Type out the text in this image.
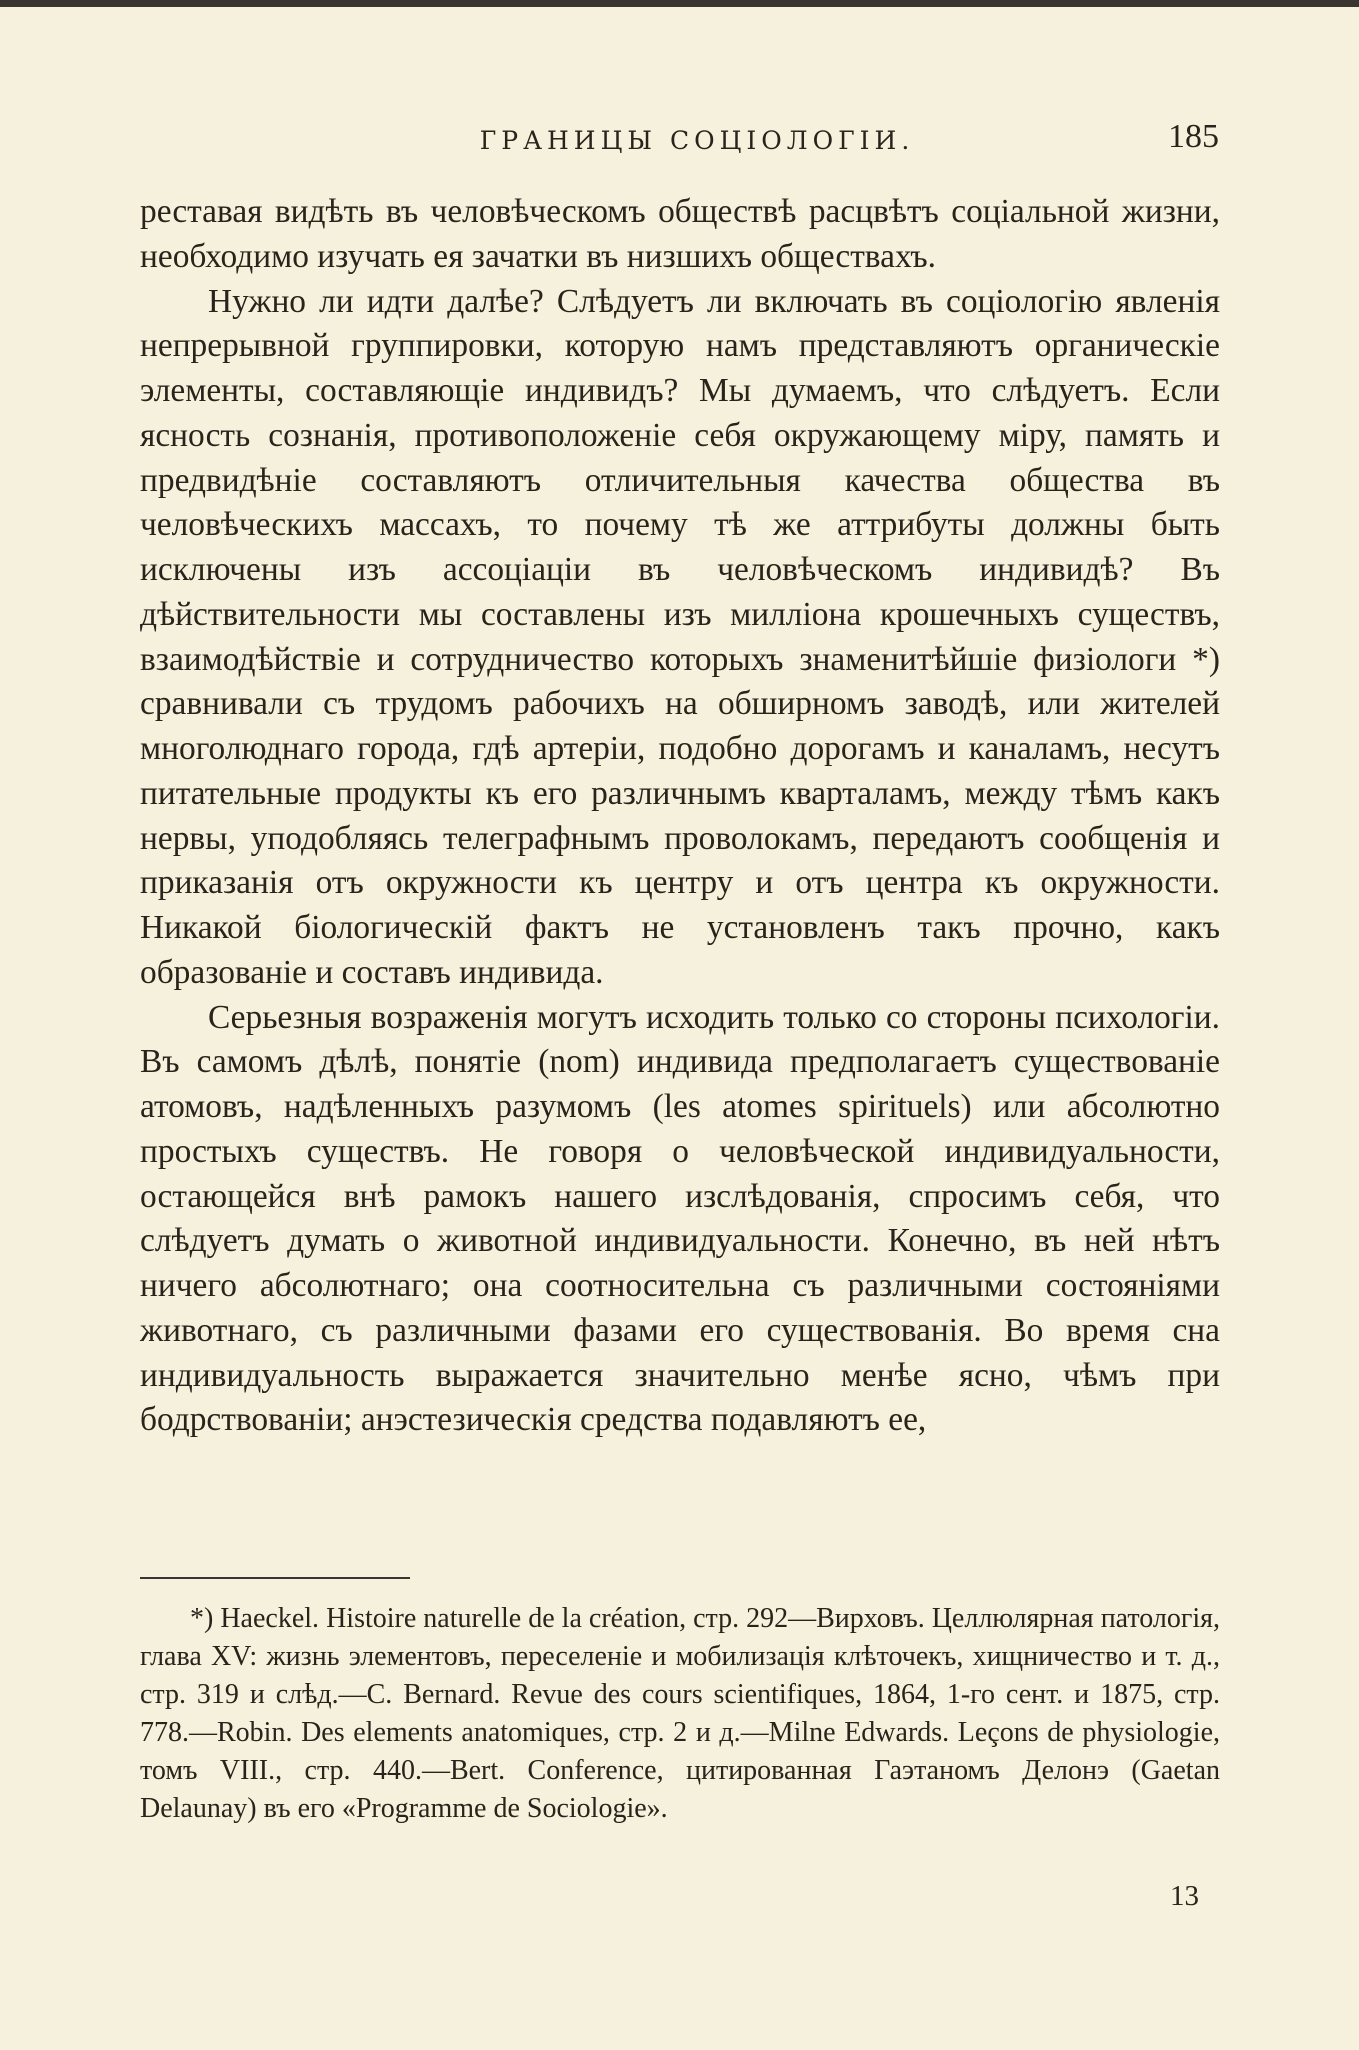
ГРАНИЦЫ СОЦІОЛОГІИ.	185

реставая видѣть въ человѣческомъ обществѣ расцвѣтъ соціальной жизни, необходимо изучать ея зачатки въ низшихъ обществахъ.

Нужно ли идти далѣе? Слѣдуетъ ли включать въ соціологію явленія непрерывной группировки, которую намъ представляютъ органическіе элементы, составляющіе индивидъ? Мы думаемъ, что слѣдуетъ. Если ясность сознанія, противоположеніе себя окружающему міру, память и предвидѣніе составляютъ отличительныя качества общества въ человѣческихъ массахъ, то почему тѣ же аттрибуты должны быть исключены изъ ассоціаціи въ человѣческомъ индивидѣ? Въ дѣйствительности мы составлены изъ милліона крошечныхъ существъ, взаимодѣйствіе и сотрудничество которыхъ знаменитѣйшіе физіологи *) сравнивали съ трудомъ рабочихъ на обширномъ заводѣ, или жителей многолюднаго города, гдѣ артеріи, подобно дорогамъ и каналамъ, несутъ питательные продукты къ его различнымъ кварталамъ, между тѣмъ какъ нервы, уподобляясь телеграфнымъ проволокамъ, передаютъ сообщенія и приказанія отъ окружности къ центру и отъ центра къ окружности. Никакой біологическій фактъ не установленъ такъ прочно, какъ образованіе и составъ индивида.

Серьезныя возраженія могутъ исходить только со стороны психологіи. Въ самомъ дѣлѣ, понятіе (nom) индивида предполагаетъ существованіе атомовъ, надѣленныхъ разумомъ (les atomes spirituels) или абсолютно простыхъ существъ. Не говоря о человѣческой индивидуальности, остающейся внѣ рамокъ нашего изслѣдованія, спросимъ себя, что слѣдуетъ думать о животной индивидуальности. Конечно, въ ней нѣтъ ничего абсолютнаго; она соотносительна съ различными состояніями животнаго, съ различными фазами его существованія. Во время сна индивидуальность выражается значительно менѣе ясно, чѣмъ при бодрствованіи; анэстезическія средства подавляютъ ее,

*) Haeckel. Histoire naturelle de la création, стр. 292—Вирховъ. Целлюлярная патологія, глава XV: жизнь элементовъ, переселеніе и мобилизація клѣточекъ, хищничество и т. д., стр. 319 и слѣд.—C. Bernard. Revue des cours scientifiques, 1864, 1-го сент. и 1875, стр. 778.—Robin. Des elements anatomiques, стр. 2 и д.—Milne Edwards. Leçons de physiologie, томъ VIII., стр. 440.—Bert. Conference, цитированная Гаэтаномъ Делонэ (Gaetan Delaunay) въ его «Programme de Sociologie».
13
